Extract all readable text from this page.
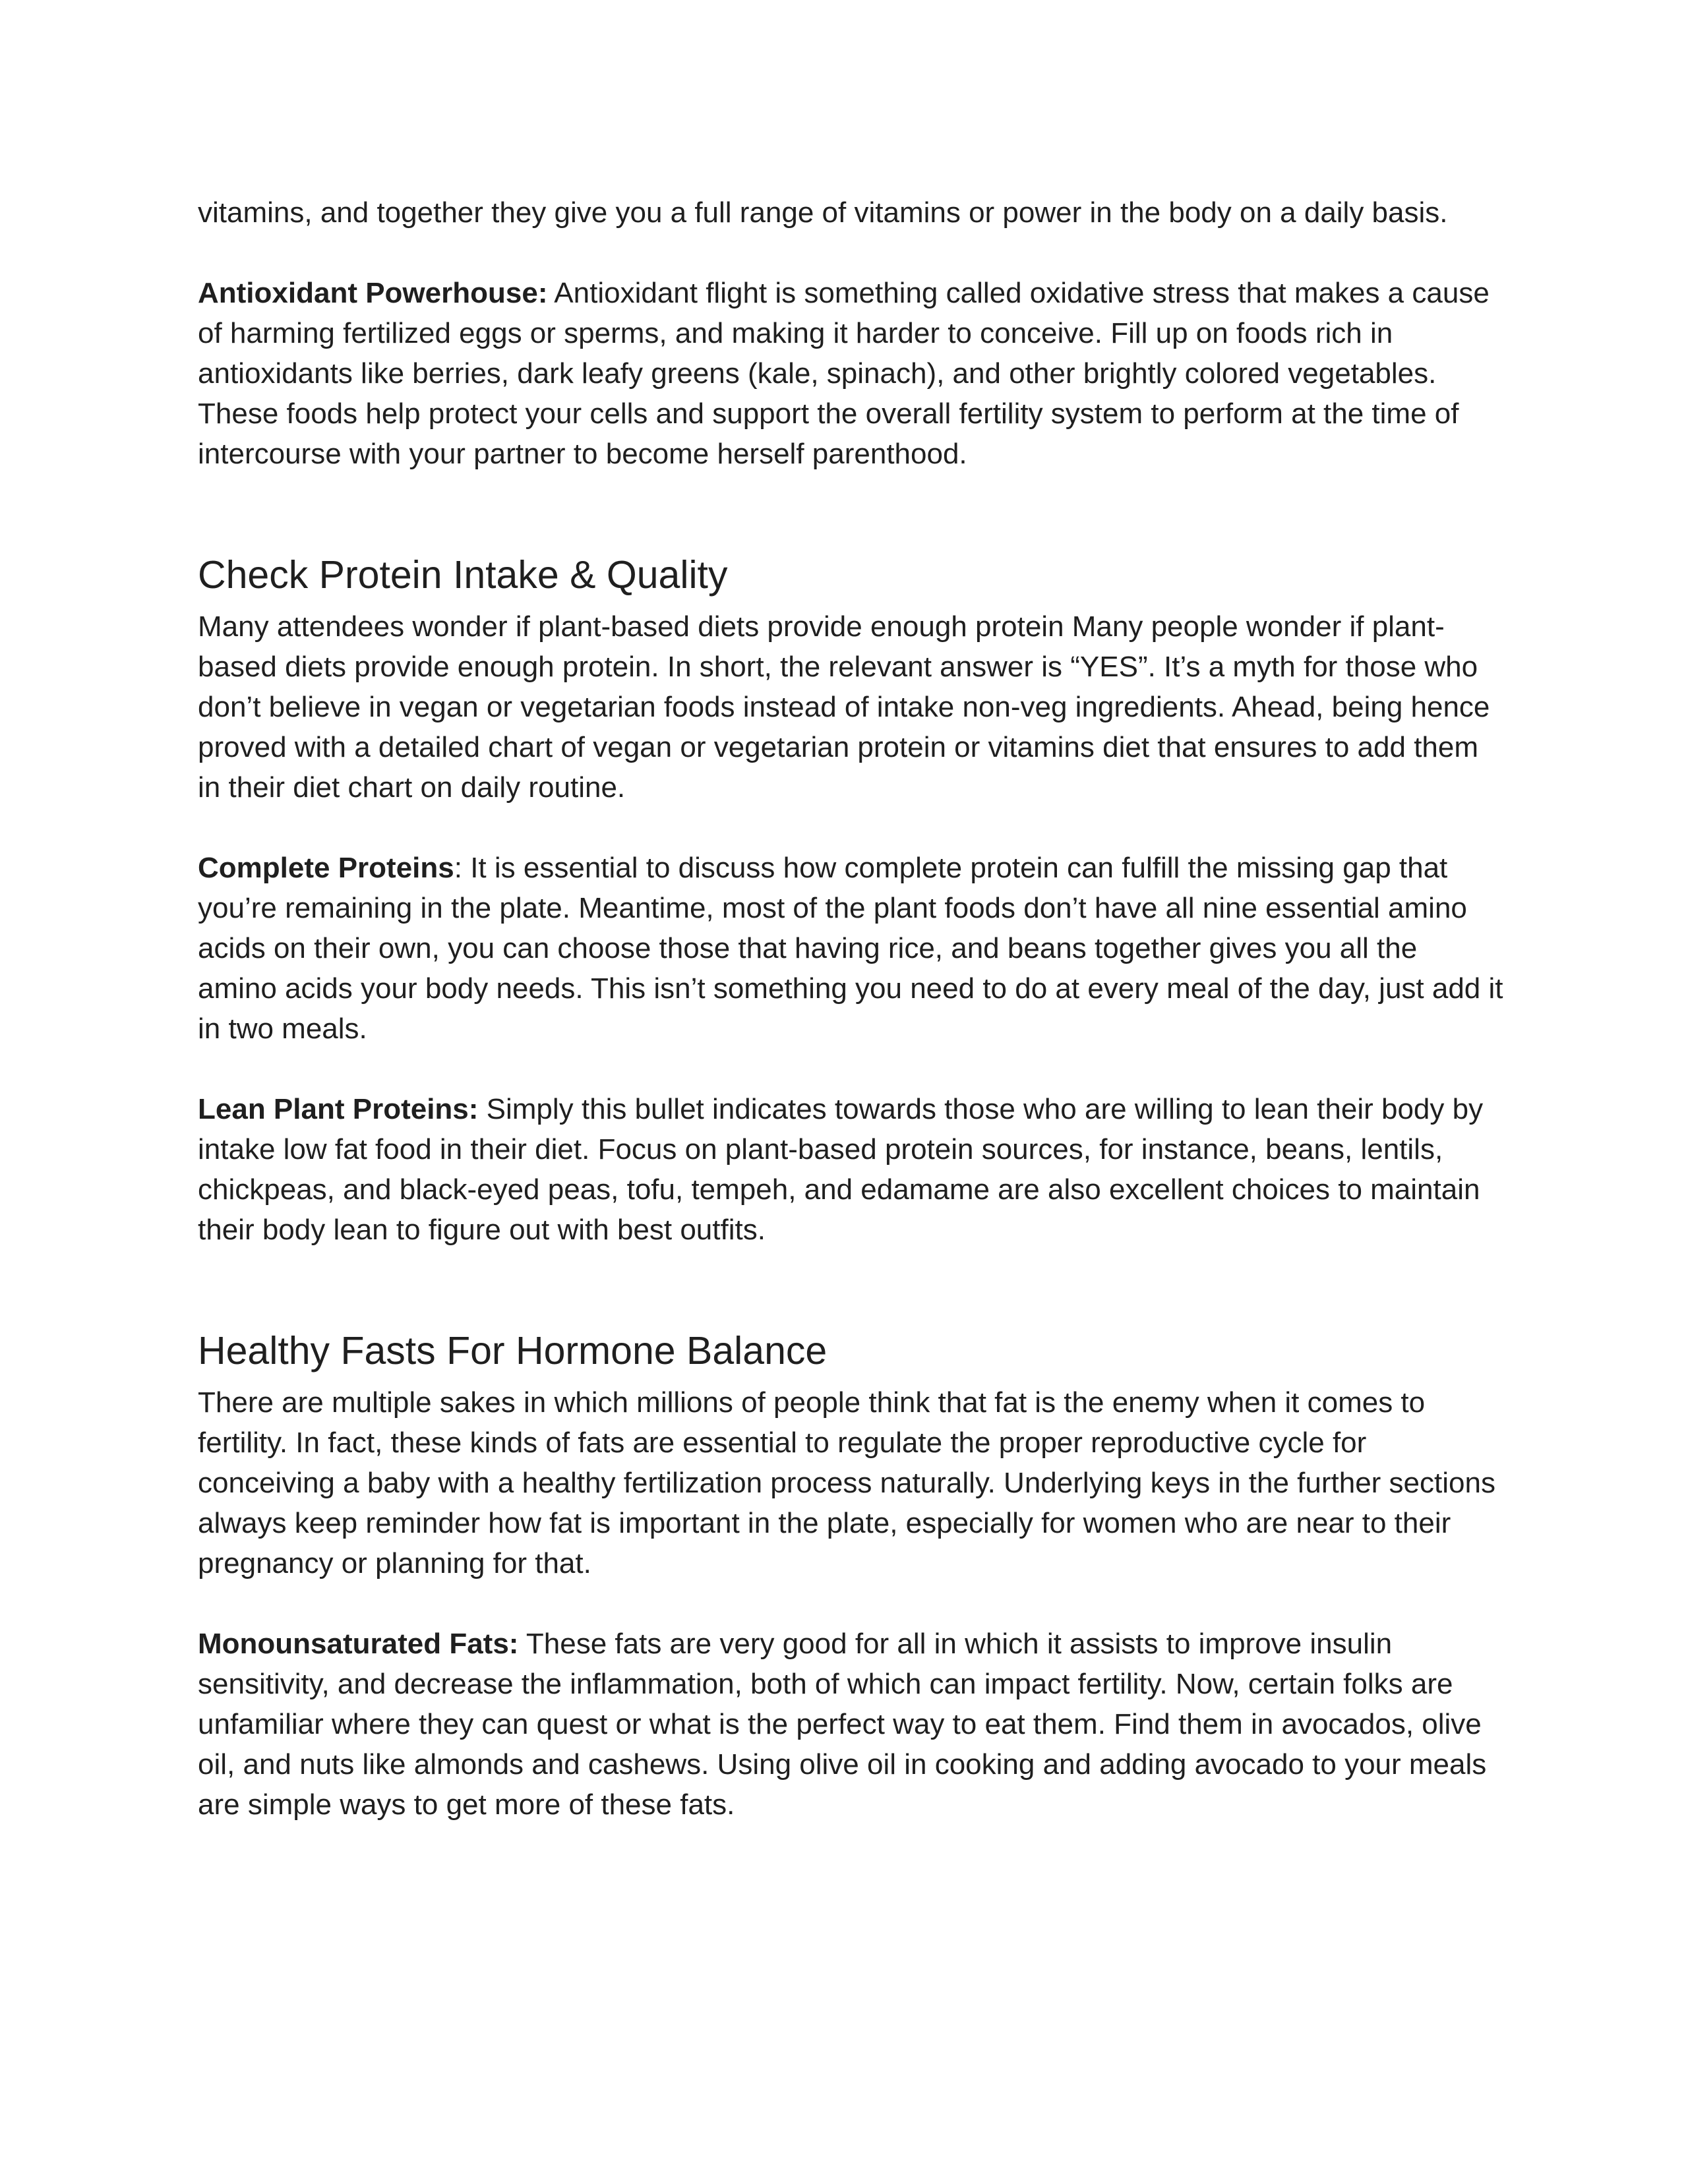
vitamins, and together they give you a full range of vitamins or power in the body on a daily basis.

Antioxidant Powerhouse: Antioxidant flight is something called oxidative stress that makes a cause of harming fertilized eggs or sperms, and making it harder to conceive. Fill up on foods rich in antioxidants like berries, dark leafy greens (kale, spinach), and other brightly colored vegetables. These foods help protect your cells and support the overall fertility system to perform at the time of intercourse with your partner to become herself parenthood.

Check Protein Intake & Quality

Many attendees wonder if plant-based diets provide enough protein Many people wonder if plant-based diets provide enough protein. In short, the relevant answer is “YES”. It’s a myth for those who don’t believe in vegan or vegetarian foods instead of intake non-veg ingredients. Ahead, being hence proved with a detailed chart of vegan or vegetarian protein or vitamins diet that ensures to add them in their diet chart on daily routine.

Complete Proteins: It is essential to discuss how complete protein can fulfill the missing gap that you’re remaining in the plate. Meantime, most of the plant foods don’t have all nine essential amino acids on their own, you can choose those that having rice, and beans together gives you all the amino acids your body needs. This isn’t something you need to do at every meal of the day, just add it in two meals.

Lean Plant Proteins: Simply this bullet indicates towards those who are willing to lean their body by intake low fat food in their diet. Focus on plant-based protein sources, for instance, beans, lentils, chickpeas, and black-eyed peas, tofu, tempeh, and edamame are also excellent choices to maintain their body lean to figure out with best outfits.

Healthy Fasts For Hormone Balance

There are multiple sakes in which millions of people think that fat is the enemy when it comes to fertility. In fact, these kinds of fats are essential to regulate the proper reproductive cycle for conceiving a baby with a healthy fertilization process naturally. Underlying keys in the further sections always keep reminder how fat is important in the plate, especially for women who are near to their pregnancy or planning for that.

Monounsaturated Fats: These fats are very good for all in which it assists to improve insulin sensitivity, and decrease the inflammation, both of which can impact fertility. Now, certain folks are unfamiliar where they can quest or what is the perfect way to eat them. Find them in avocados, olive oil, and nuts like almonds and cashews. Using olive oil in cooking and adding avocado to your meals are simple ways to get more of these fats.
